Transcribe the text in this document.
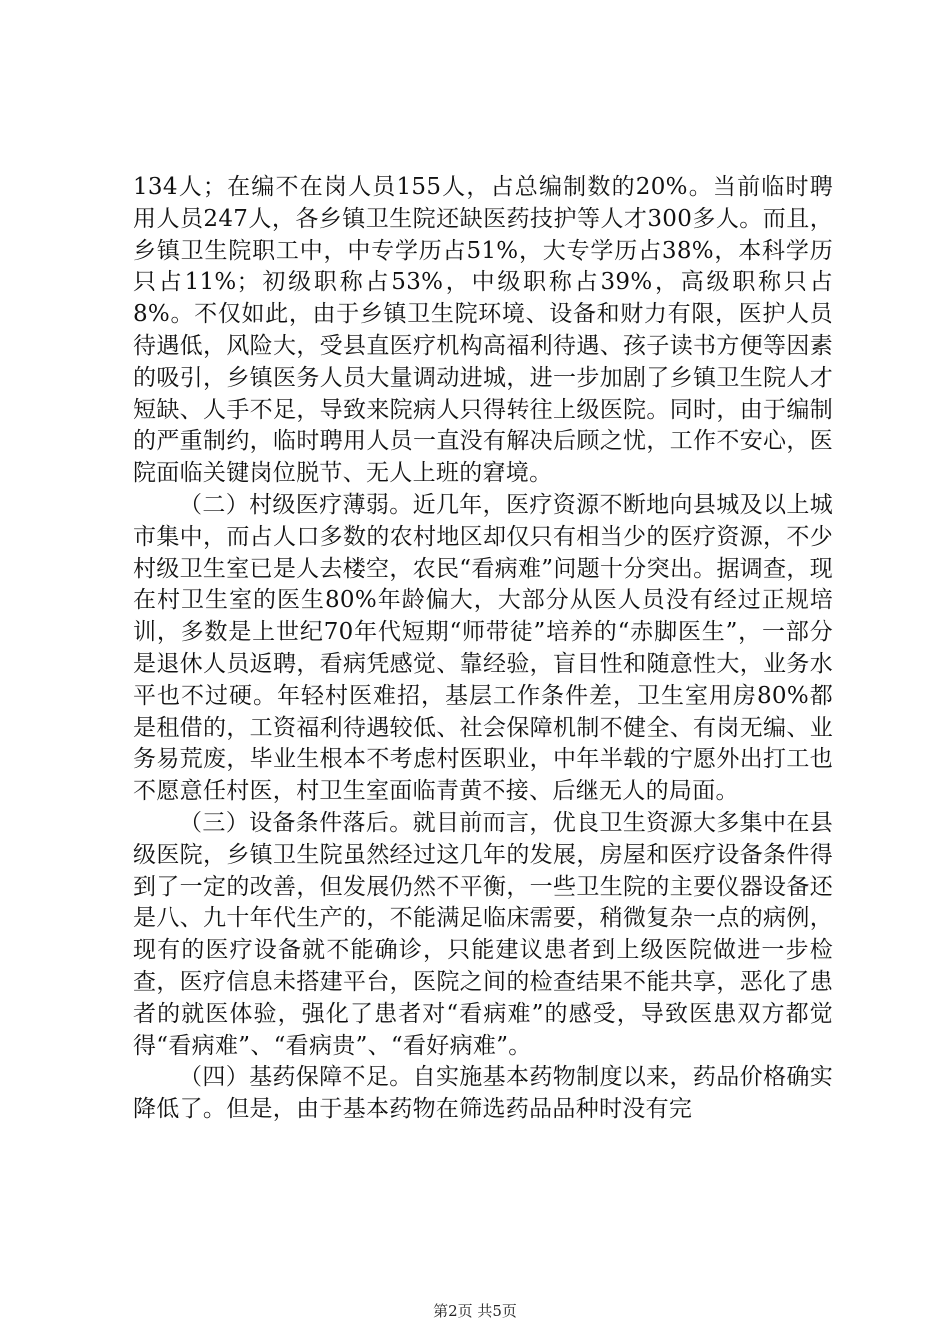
134人；在编不在岗人员155人，占总编制数的20%。当前临时聘用人员247人，各乡镇卫生院还缺医药技护等人才300多人。而且，乡镇卫生院职工中，中专学历占51%，大专学历占38%，本科学历只占11%；初级职称占53%，中级职称占39%，高级职称只占8%。不仅如此，由于乡镇卫生院环境、设备和财力有限，医护人员待遇低，风险大，受县直医疗机构高福利待遇、孩子读书方便等因素的吸引，乡镇医务人员大量调动进城，进一步加剧了乡镇卫生院人才短缺、人手不足，导致来院病人只得转往上级医院。同时，由于编制的严重制约，临时聘用人员一直没有解决后顾之忧，工作不安心，医院面临关键岗位脱节、无人上班的窘境。

（二）村级医疗薄弱。近几年，医疗资源不断地向县城及以上城市集中，而占人口多数的农村地区却仅只有相当少的医疗资源，不少村级卫生室已是人去楼空，农民“看病难”问题十分突出。据调查，现在村卫生室的医生80%年龄偏大，大部分从医人员没有经过正规培训，多数是上世纪70年代短期“师带徒”培养的“赤脚医生”，一部分是退休人员返聘，看病凭感觉、靠经验，盲目性和随意性大，业务水平也不过硬。年轻村医难招，基层工作条件差，卫生室用房80%都是租借的，工资福利待遇较低、社会保障机制不健全、有岗无编、业务易荒废，毕业生根本不考虑村医职业，中年半载的宁愿外出打工也不愿意任村医，村卫生室面临青黄不接、后继无人的局面。

（三）设备条件落后。就目前而言，优良卫生资源大多集中在县级医院，乡镇卫生院虽然经过这几年的发展，房屋和医疗设备条件得到了一定的改善，但发展仍然不平衡，一些卫生院的主要仪器设备还是八、九十年代生产的，不能满足临床需要，稍微复杂一点的病例，现有的医疗设备就不能确诊，只能建议患者到上级医院做进一步检查，医疗信息未搭建平台，医院之间的检查结果不能共享，恶化了患者的就医体验，强化了患者对“看病难”的感受，导致医患双方都觉得“看病难”、“看病贵”、“看好病难”。

（四）基药保障不足。自实施基本药物制度以来，药品价格确实降低了。但是，由于基本药物在筛选药品品种时没有完

第2页 共5页
